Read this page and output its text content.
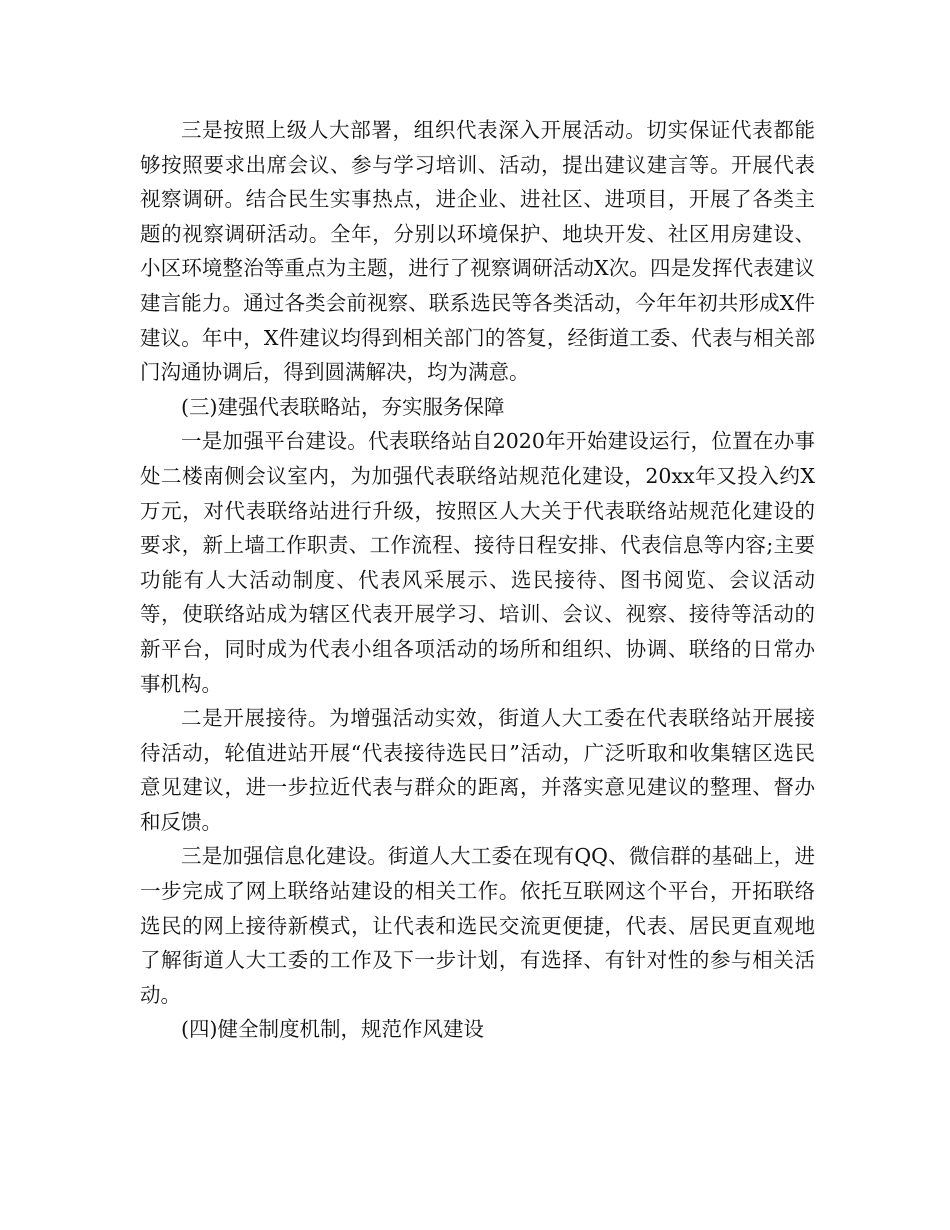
三是按照上级人大部署，组织代表深入开展活动。切实保证代表都能够按照要求出席会议、参与学习培训、活动，提出建议建言等。开展代表视察调研。结合民生实事热点，进企业、进社区、进项目，开展了各类主题的视察调研活动。全年，分别以环境保护、地块开发、社区用房建设、小区环境整治等重点为主题，进行了视察调研活动X次。四是发挥代表建议建言能力。通过各类会前视察、联系选民等各类活动，今年年初共形成X件建议。年中，X件建议均得到相关部门的答复，经街道工委、代表与相关部门沟通协调后，得到圆满解决，均为满意。

(三)建强代表联略站，夯实服务保障

一是加强平台建设。代表联络站自2020年开始建设运行，位置在办事处二楼南侧会议室内，为加强代表联络站规范化建设，20xx年又投入约X万元，对代表联络站进行升级，按照区人大关于代表联络站规范化建设的要求，新上墙工作职责、工作流程、接待日程安排、代表信息等内容;主要功能有人大活动制度、代表风采展示、选民接待、图书阅览、会议活动等，使联络站成为辖区代表开展学习、培训、会议、视察、接待等活动的新平台，同时成为代表小组各项活动的场所和组织、协调、联络的日常办事机构。

二是开展接待。为增强活动实效，街道人大工委在代表联络站开展接待活动，轮值进站开展“代表接待选民日”活动，广泛听取和收集辖区选民意见建议，进一步拉近代表与群众的距离，并落实意见建议的整理、督办和反馈。

三是加强信息化建设。街道人大工委在现有QQ、微信群的基础上，进一步完成了网上联络站建设的相关工作。依托互联网这个平台，开拓联络选民的网上接待新模式，让代表和选民交流更便捷，代表、居民更直观地了解街道人大工委的工作及下一步计划，有选择、有针对性的参与相关活动。

(四)健全制度机制，规范作风建设
